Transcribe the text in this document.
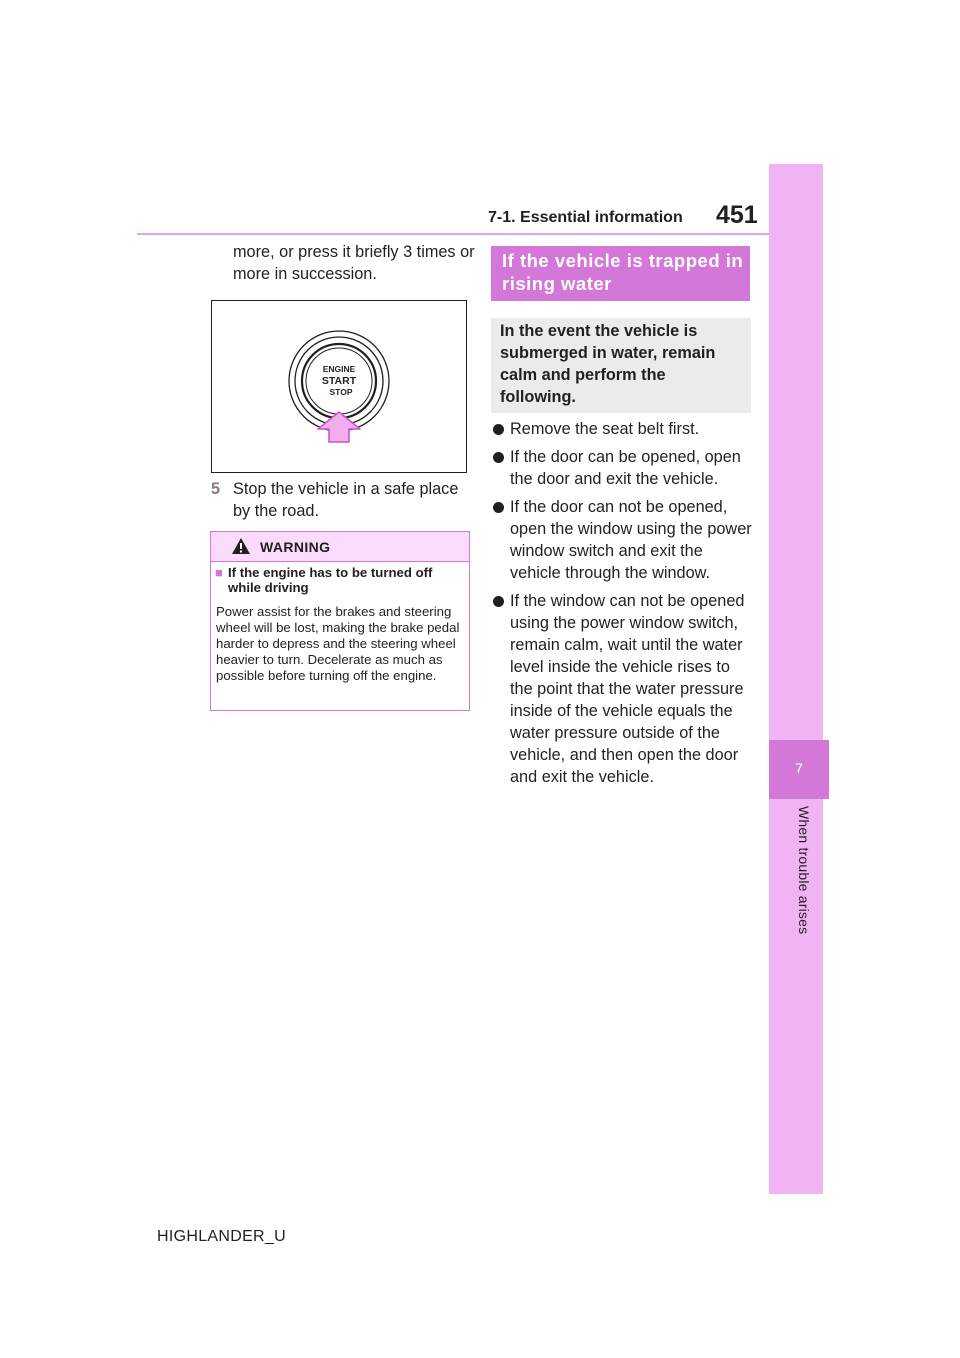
7-1. Essential information 451
7
When trouble arises
more, or press it briefly 3 times or more in succession.
ENGINE
START
STOP
5 Stop the vehicle in a safe place by the road.
WARNING
■ If the engine has to be turned off while driving
Power assist for the brakes and steering wheel will be lost, making the brake pedal harder to depress and the steering wheel heavier to turn. Decelerate as much as possible before turning off the engine.
If the vehicle is trapped in rising water
In the event the vehicle is submerged in water, remain calm and perform the following.
Remove the seat belt first.
If the door can be opened, open the door and exit the vehicle.
If the door can not be opened, open the window using the power window switch and exit the vehicle through the window.
If the window can not be opened using the power window switch, remain calm, wait until the water level inside the vehicle rises to the point that the water pressure inside of the vehicle equals the water pressure outside of the vehicle, and then open the door and exit the vehicle.
HIGHLANDER_U
